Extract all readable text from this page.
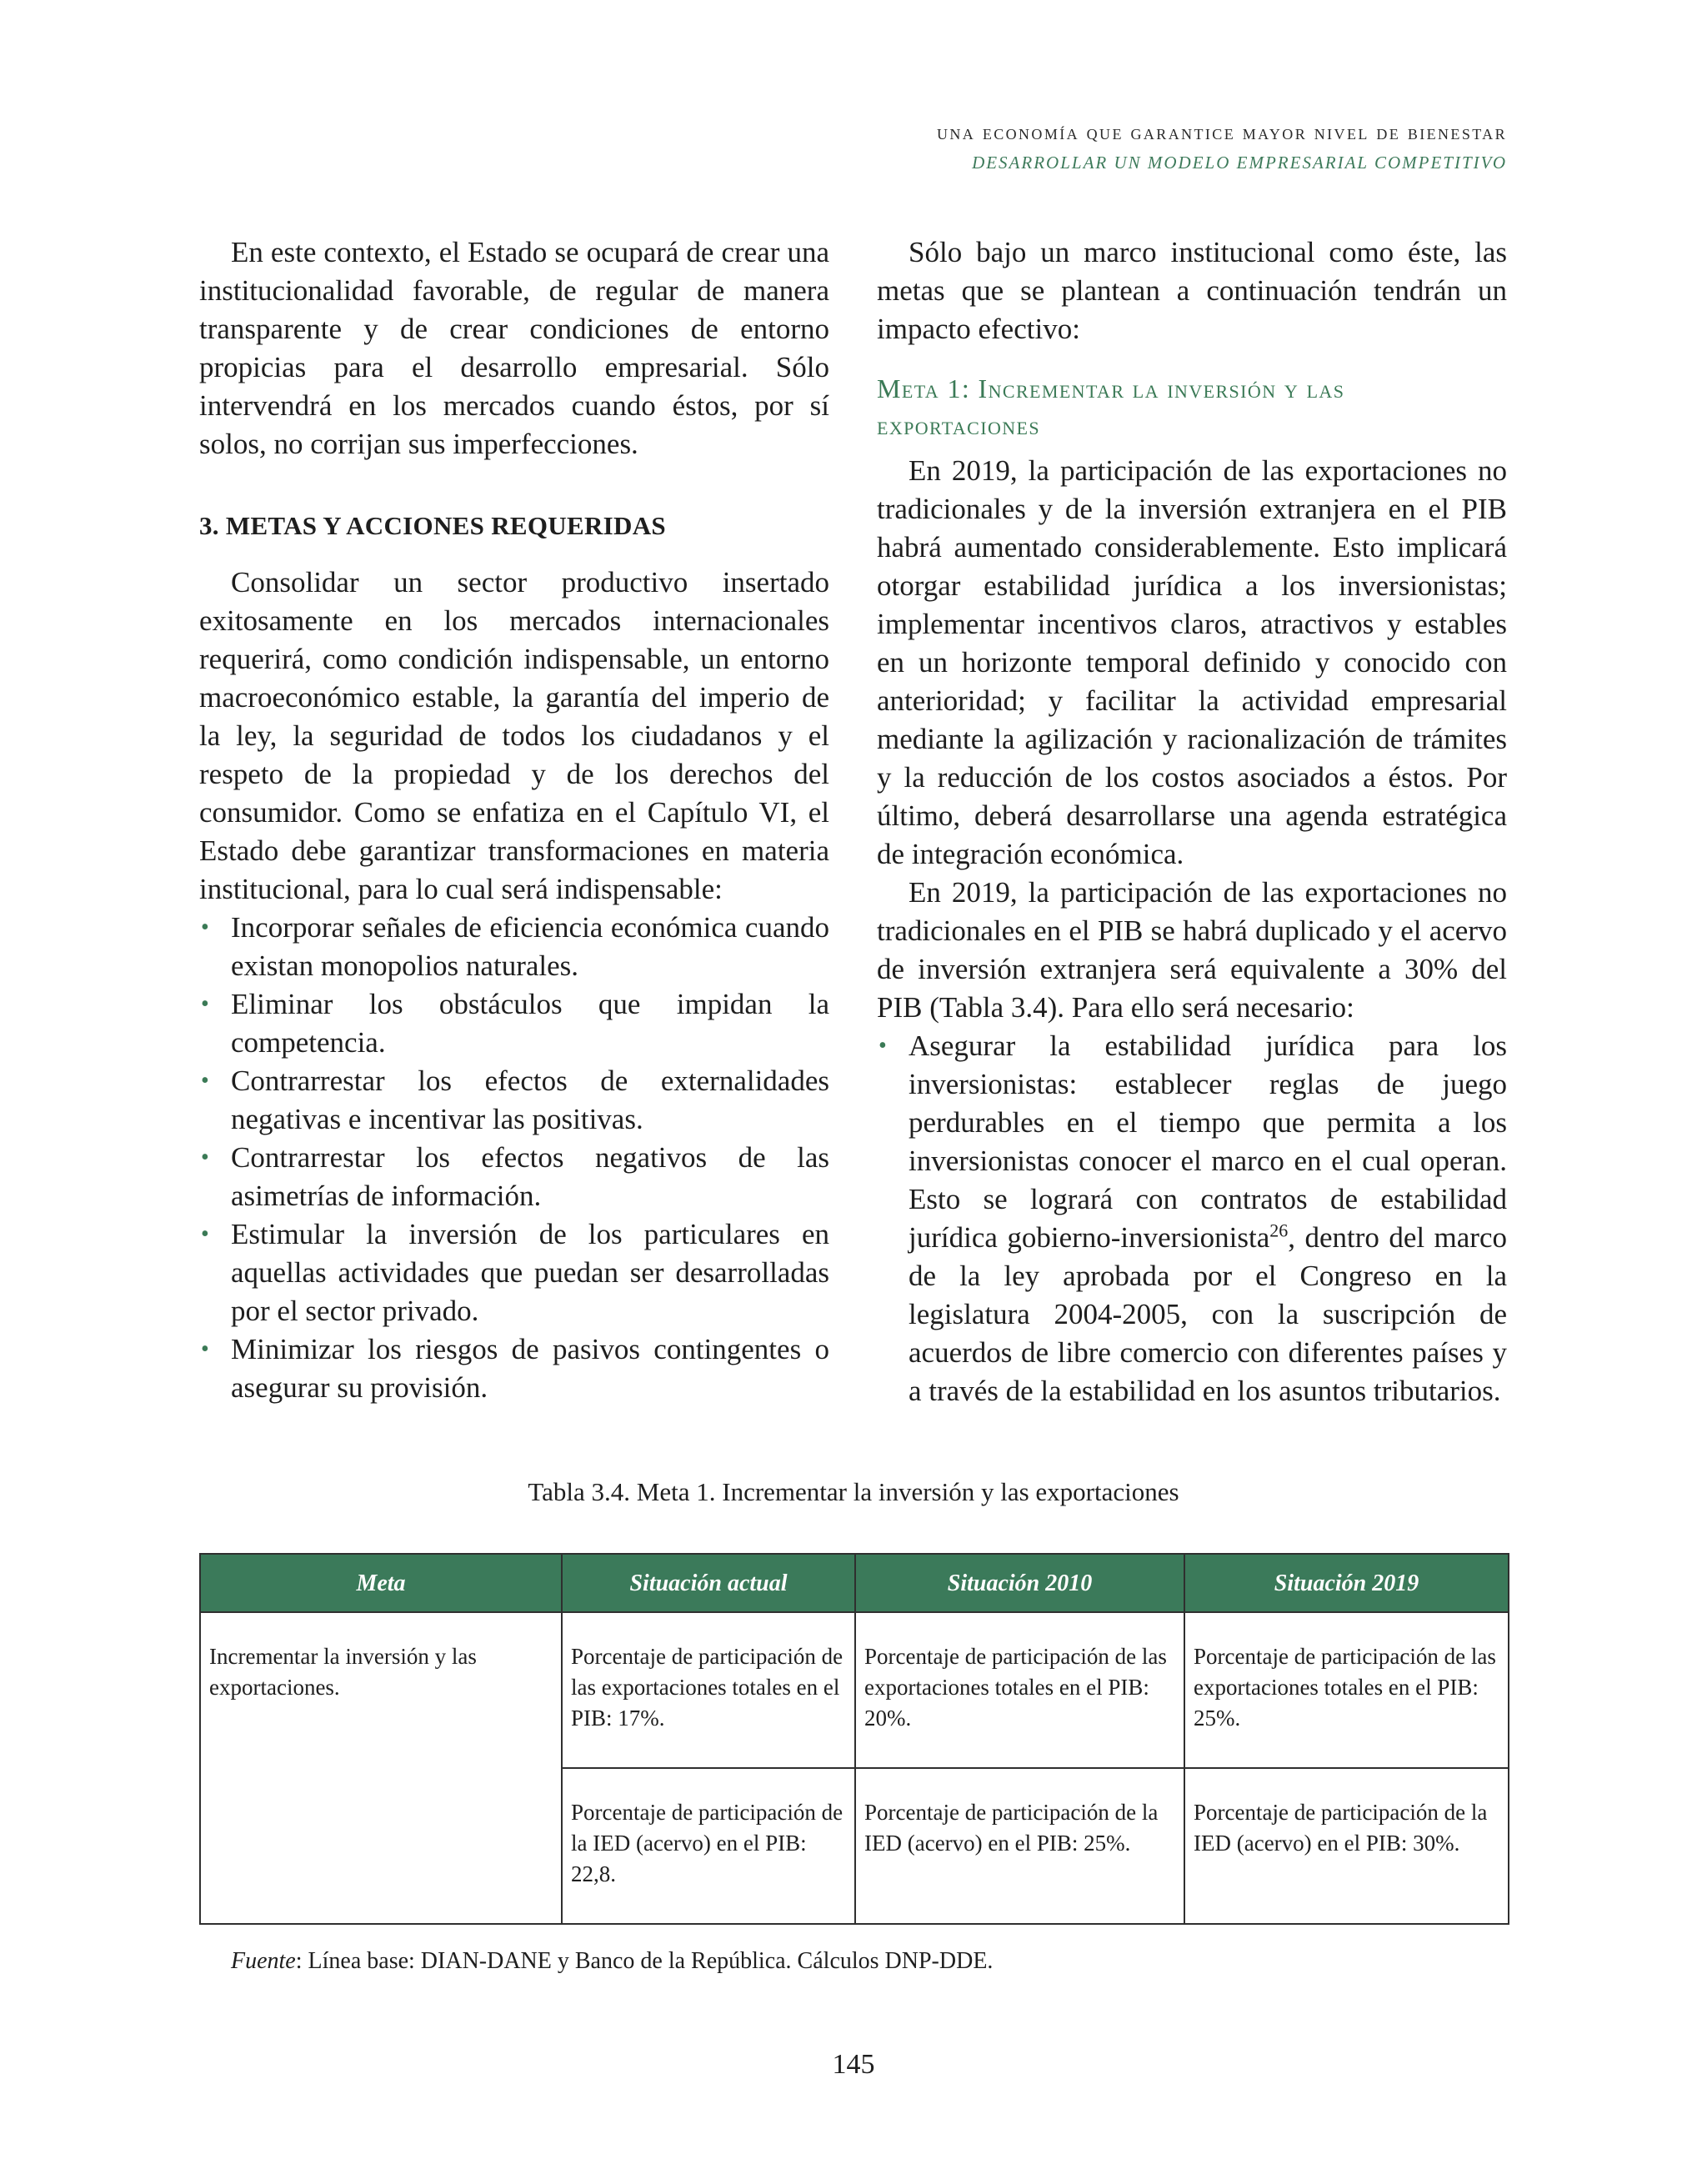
una economía que garantice mayor nivel de bienestar
DESARROLLAR UN MODELO EMPRESARIAL COMPETITIVO

En este contexto, el Estado se ocupará de crear una institucionalidad favorable, de regular de manera transparente y de crear condiciones de entorno propicias para el desarrollo empresarial. Sólo intervendrá en los mercados cuando éstos, por sí solos, no corrijan sus imperfecciones.

3. METAS Y ACCIONES REQUERIDAS

Consolidar un sector productivo insertado exitosamente en los mercados internacionales requerirá, como condición indispensable, un entorno macroeconómico estable, la garantía del imperio de la ley, la seguridad de todos los ciudadanos y el respeto de la propiedad y de los derechos del consumidor. Como se enfatiza en el Capítulo VI, el Estado debe garantizar transformaciones en materia institucional, para lo cual será indispensable:

• Incorporar señales de eficiencia económica cuando existan monopolios naturales.
• Eliminar los obstáculos que impidan la competencia.
• Contrarrestar los efectos de externalidades negativas e incentivar las positivas.
• Contrarrestar los efectos negativos de las asimetrías de información.
• Estimular la inversión de los particulares en aquellas actividades que puedan ser desarrolladas por el sector privado.
• Minimizar los riesgos de pasivos contingentes o asegurar su provisión.

Sólo bajo un marco institucional como éste, las metas que se plantean a continuación tendrán un impacto efectivo:

Meta 1: Incrementar la inversión y las exportaciones

En 2019, la participación de las exportaciones no tradicionales y de la inversión extranjera en el PIB habrá aumentado considerablemente. Esto implicará otorgar estabilidad jurídica a los inversionistas; implementar incentivos claros, atractivos y estables en un horizonte temporal definido y conocido con anterioridad; y facilitar la actividad empresarial mediante la agilización y racionalización de trámites y la reducción de los costos asociados a éstos. Por último, deberá desarrollarse una agenda estratégica de integración económica.

En 2019, la participación de las exportaciones no tradicionales en el PIB se habrá duplicado y el acervo de inversión extranjera será equivalente a 30% del PIB (Tabla 3.4). Para ello será necesario:

• Asegurar la estabilidad jurídica para los inversionistas: establecer reglas de juego perdurables en el tiempo que permita a los inversionistas conocer el marco en el cual operan. Esto se logrará con contratos de estabilidad jurídica gobierno-inversionista$^{26}$, dentro del marco de la ley aprobada por el Congreso en la legislatura 2004-2005, con la suscripción de acuerdos de libre comercio con diferentes países y a través de la estabilidad en los asuntos tributarios.
Tabla 3.4. Meta 1. Incrementar la inversión y las exportaciones
Meta	Situación actual	Situación 2010	Situación 2019
Incrementar la inversión y las exportaciones.	Porcentaje de participación de las exportaciones totales en el PIB: 17%.	Porcentaje de participación de las exportaciones totales en el PIB: 20%.	Porcentaje de participación de las exportaciones totales en el PIB: 25%.
	Porcentaje de participación de la IED (acervo) en el PIB: 22,8.	Porcentaje de participación de la IED (acervo) en el PIB: 25%.	Porcentaje de participación de la IED (acervo) en el PIB: 30%.
Fuente: Línea base: DIAN-DANE y Banco de la República. Cálculos DNP-DDE.
145
